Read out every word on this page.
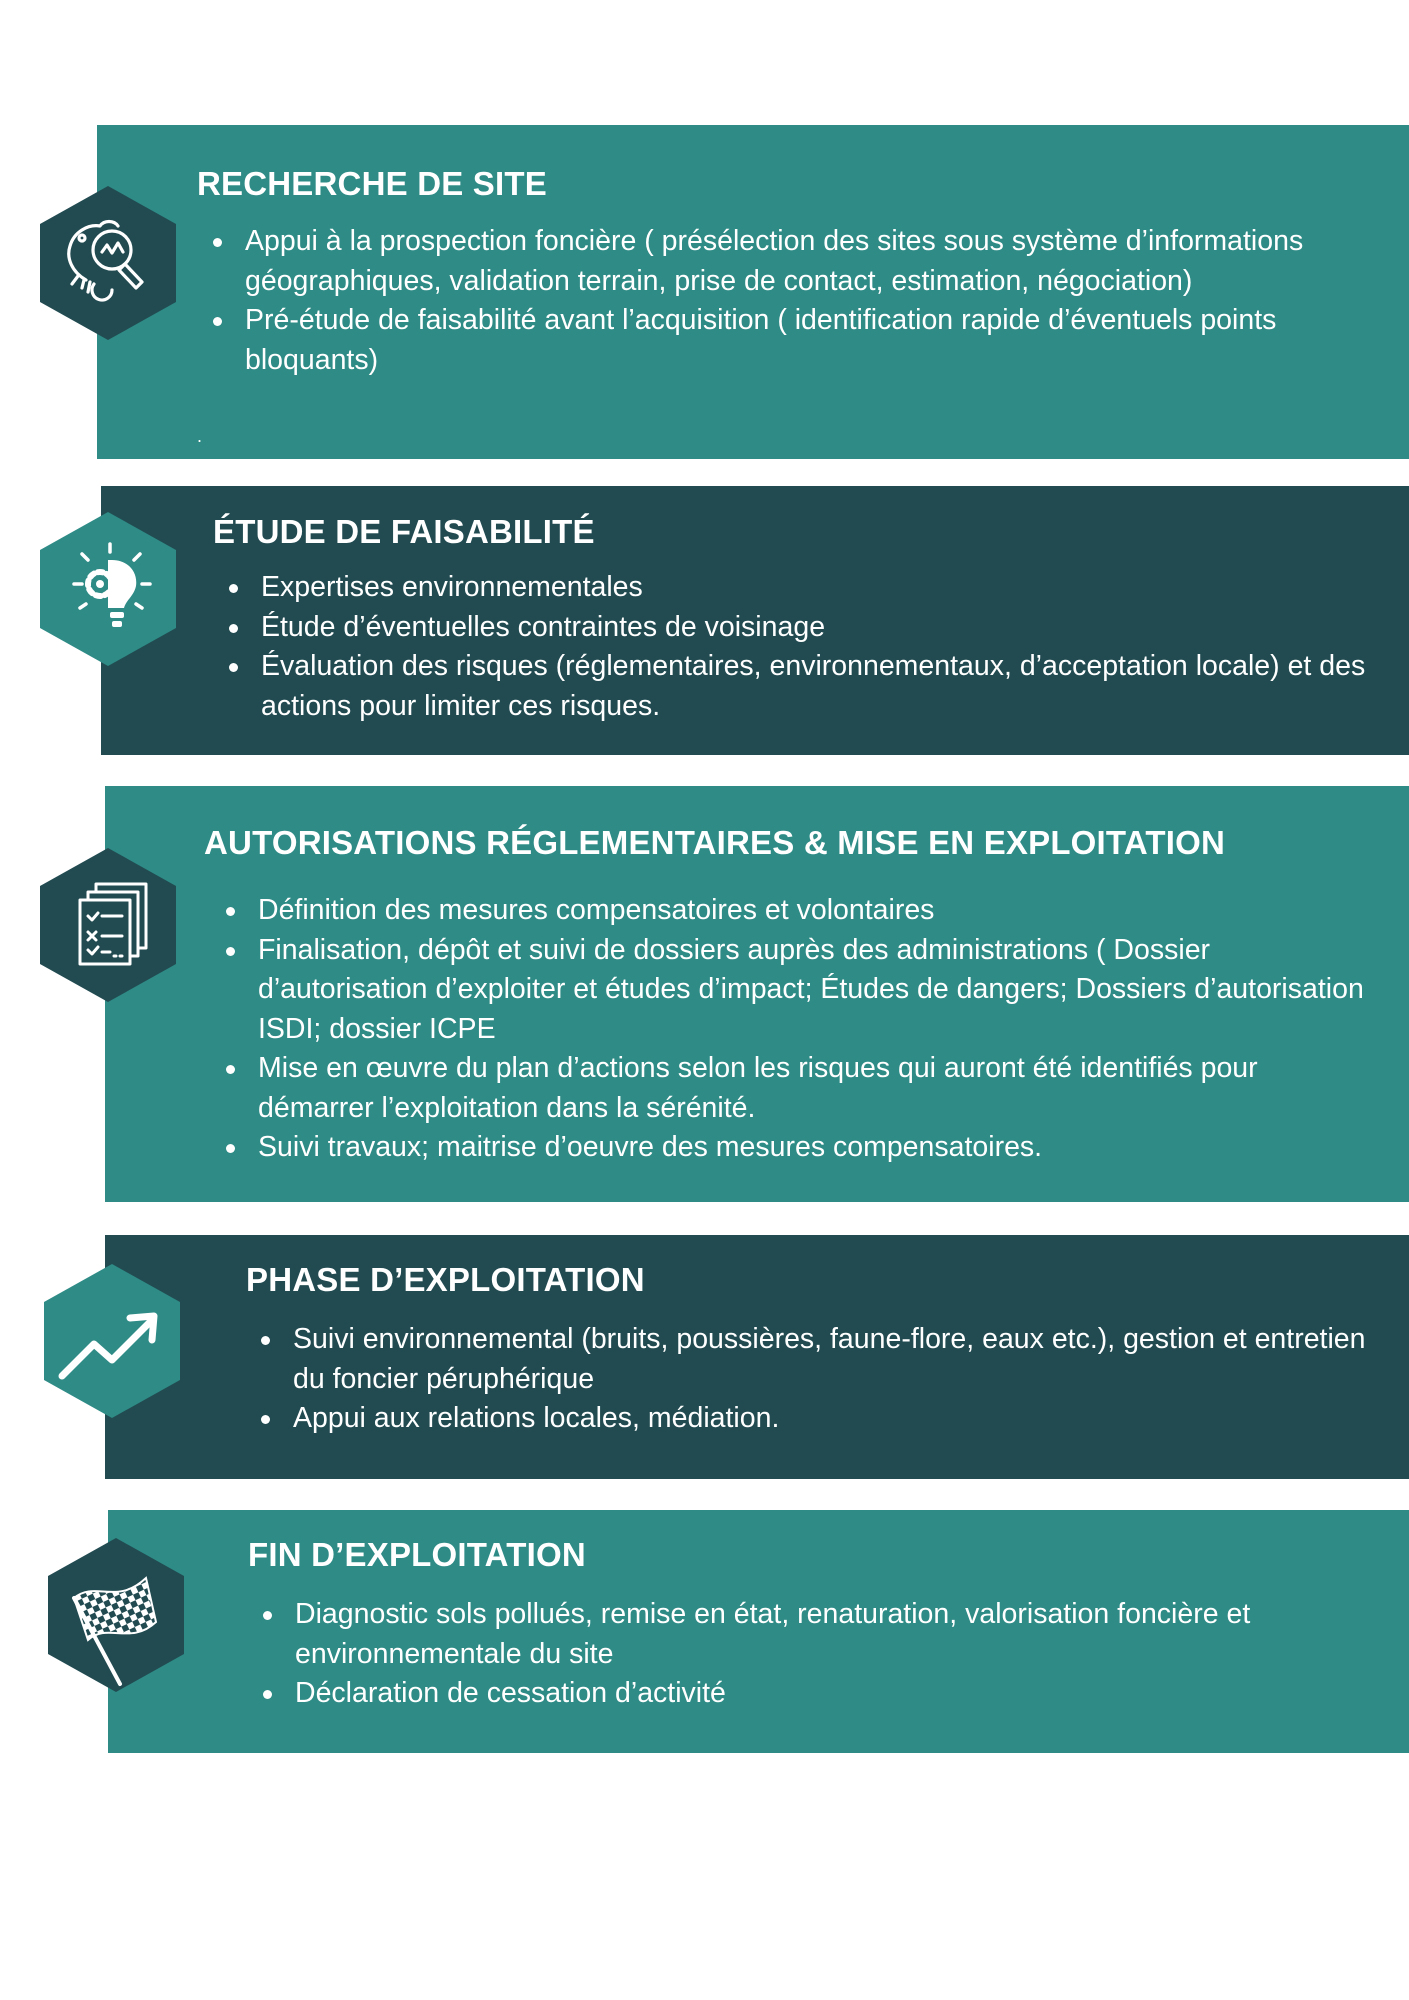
RECHERCHE DE SITE
Appui à la prospection foncière ( présélection des sites sous système d’informations géographiques, validation terrain, prise de contact, estimation, négociation)
Pré-étude de faisabilité avant l’acquisition ( identification rapide d’éventuels points bloquants)
.
ÉTUDE DE FAISABILITÉ
Expertises environnementales
Étude d’éventuelles contraintes de voisinage
Évaluation des risques (réglementaires, environnementaux, d’acceptation locale) et des actions pour limiter ces risques.
AUTORISATIONS RÉGLEMENTAIRES & MISE EN EXPLOITATION
Définition des mesures compensatoires et volontaires
Finalisation, dépôt et suivi de dossiers auprès des administrations ( Dossier d’autorisation d’exploiter et études d’impact; Études de dangers; Dossiers d’autorisation ISDI; dossier ICPE
Mise en œuvre du plan d’actions selon les risques qui auront été identifiés pour démarrer l’exploitation dans la sérénité.
Suivi travaux; maitrise d’oeuvre des mesures compensatoires.
PHASE D’EXPLOITATION
Suivi environnemental (bruits, poussières, faune-flore, eaux etc.), gestion et entretien du foncier péruphérique
Appui aux relations locales, médiation.
FIN D’EXPLOITATION
Diagnostic sols pollués, remise en état, renaturation, valorisation foncière et environnementale du site
Déclaration de cessation d’activité
